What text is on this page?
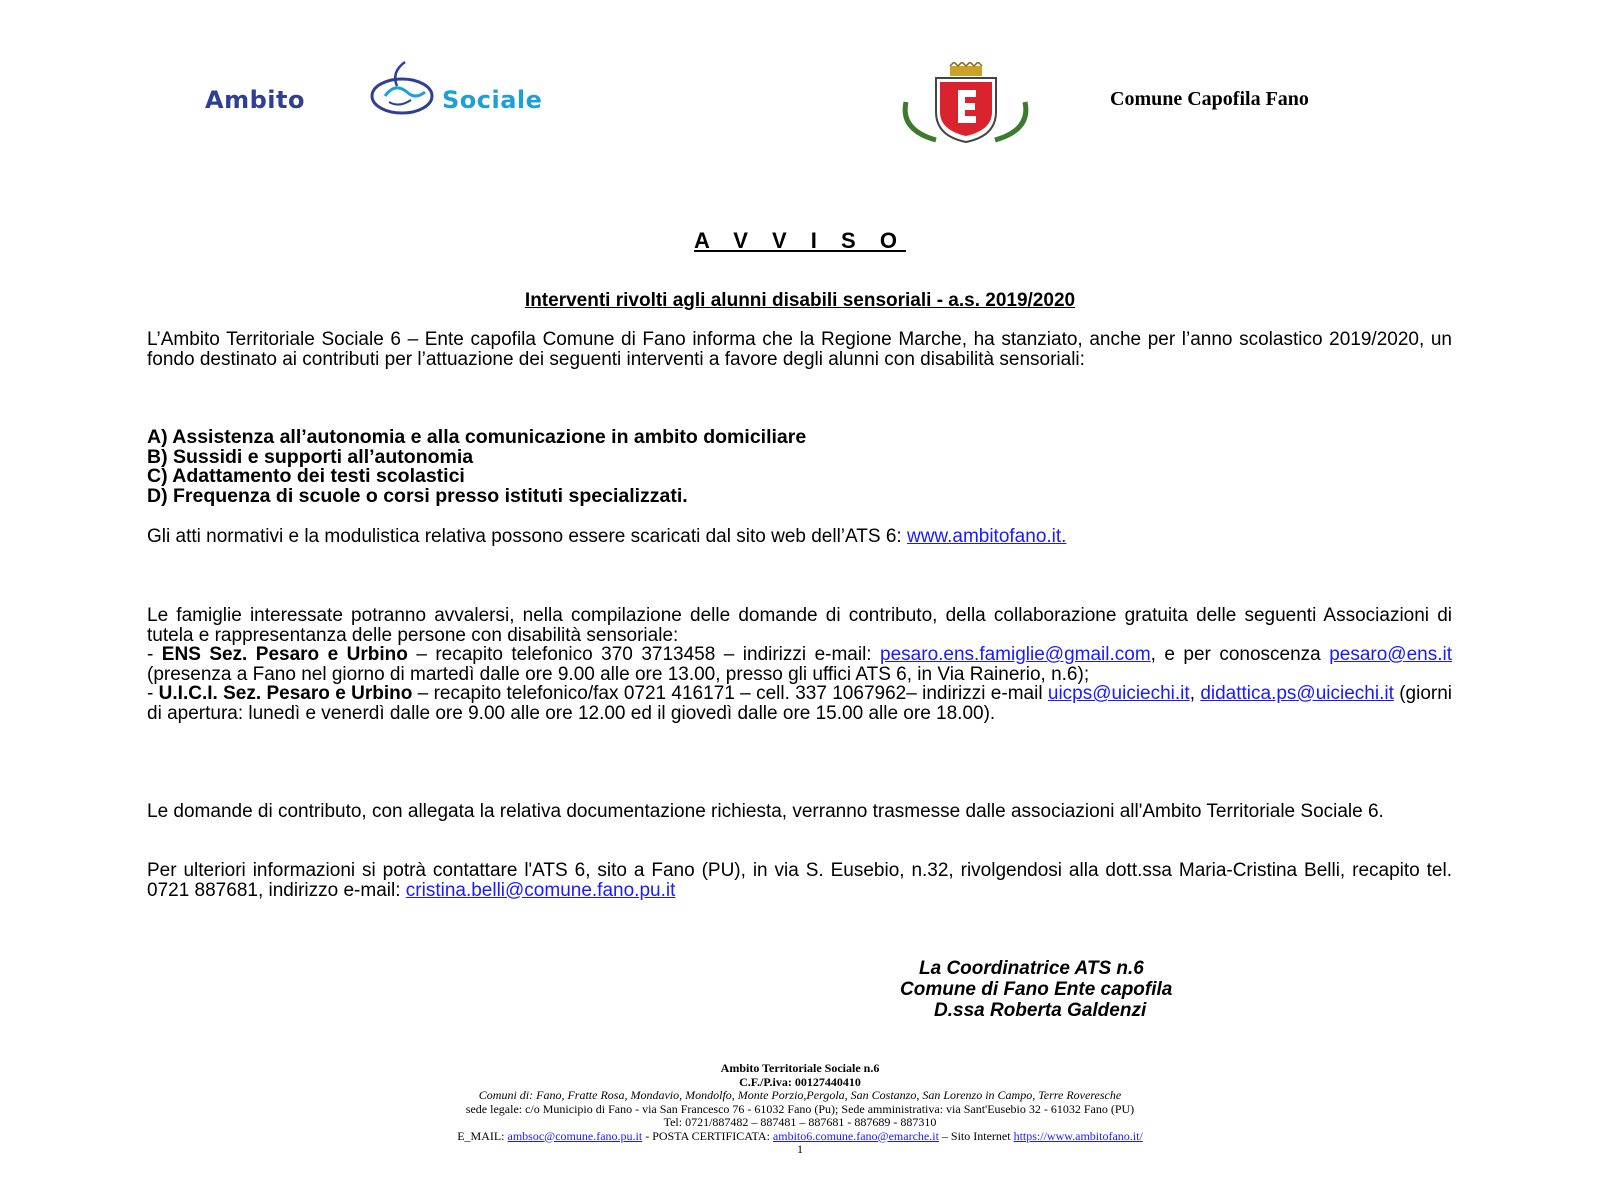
Ambito	Sociale	Comune Capofila Fano
A V V I S O
Interventi rivolti agli alunni disabili sensoriali - a.s. 2019/2020
L’Ambito Territoriale Sociale 6 – Ente capofila Comune di Fano informa che la Regione Marche, ha stanziato, anche per l’anno scolastico 2019/2020, un fondo destinato ai contributi per l’attuazione dei seguenti interventi a favore degli alunni con disabilità sensoriali:
A) Assistenza all’autonomia e alla comunicazione in ambito domiciliare
B) Sussidi e supporti all’autonomia
C) Adattamento dei testi scolastici
D) Frequenza di scuole o corsi presso istituti specializzati.
Gli atti normativi e la modulistica relativa possono essere scaricati dal sito web dell’ATS 6: www.ambitofano.it.
Le famiglie interessate potranno avvalersi, nella compilazione delle domande di contributo, della collaborazione gratuita delle seguenti Associazioni di tutela e rappresentanza delle persone con disabilità sensoriale:
- ENS Sez. Pesaro e Urbino – recapito telefonico 370 3713458 – indirizzi e-mail: pesaro.ens.famiglie@gmail.com, e per conoscenza pesaro@ens.it (presenza a Fano nel giorno di martedì dalle ore 9.00 alle ore 13.00, presso gli uffici ATS 6, in Via Rainerio, n.6);
- U.I.C.I. Sez. Pesaro e Urbino – recapito telefonico/fax 0721 416171 – cell. 337 1067962– indirizzi e-mail uicps@uiciechi.it, didattica.ps@uiciechi.it (giorni di apertura: lunedì e venerdì dalle ore 9.00 alle ore 12.00 ed il giovedì dalle ore 15.00 alle ore 18.00).
Le domande di contributo, con allegata la relativa documentazione richiesta, verranno trasmesse dalle associazioni all'Ambito Territoriale Sociale 6.
Per ulteriori informazioni si potrà contattare l'ATS 6, sito a Fano (PU), in via S. Eusebio, n.32, rivolgendosi alla dott.ssa Maria-Cristina Belli, recapito tel. 0721 887681, indirizzo e-mail: cristina.belli@comune.fano.pu.it
La Coordinatrice ATS n.6
Comune di Fano Ente capofila
D.ssa Roberta Galdenzi
Ambito Territoriale Sociale n.6
C.F./P.iva: 00127440410
Comuni di: Fano, Fratte Rosa, Mondavio, Mondolfo, Monte Porzio,Pergola, San Costanzo, San Lorenzo in Campo, Terre Roveresche
sede legale: c/o Municipio di Fano - via San Francesco 76 - 61032 Fano (Pu); Sede amministrativa: via Sant'Eusebio 32 - 61032 Fano (PU)
Tel: 0721/887482 – 887481 – 887681 - 887689 - 887310
E_MAIL: ambsoc@comune.fano.pu.it - POSTA CERTIFICATA: ambito6.comune.fano@emarche.it – Sito Internet https://www.ambitofano.it/
1
